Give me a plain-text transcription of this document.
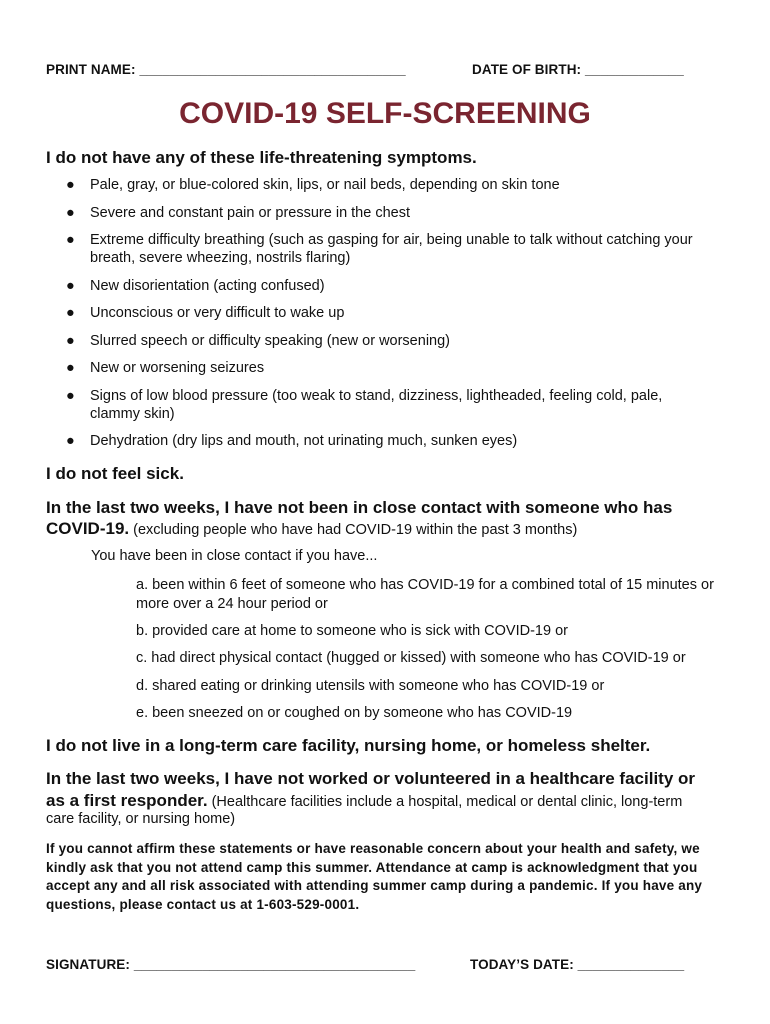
PRINT NAME: ___________________________________	DATE OF BIRTH: _____________
COVID-19 SELF-SCREENING
I do not have any of these life-threatening symptoms.
● Pale, gray, or blue-colored skin, lips, or nail beds, depending on skin tone
● Severe and constant pain or pressure in the chest
● Extreme difficulty breathing (such as gasping for air, being unable to talk without catching your breath, severe wheezing, nostrils flaring)
● New disorientation (acting confused)
● Unconscious or very difficult to wake up
● Slurred speech or difficulty speaking (new or worsening)
● New or worsening seizures
● Signs of low blood pressure (too weak to stand, dizziness, lightheaded, feeling cold, pale, clammy skin)
● Dehydration (dry lips and mouth, not urinating much, sunken eyes)
I do not feel sick.
In the last two weeks, I have not been in close contact with someone who has
COVID-19. (excluding people who have had COVID-19 within the past 3 months)
You have been in close contact if you have...
a. been within 6 feet of someone who has COVID-19 for a combined total of 15 minutes or more over a 24 hour period or
b. provided care at home to someone who is sick with COVID-19 or
c. had direct physical contact (hugged or kissed) with someone who has COVID-19 or
d. shared eating or drinking utensils with someone who has COVID-19 or
e. been sneezed on or coughed on by someone who has COVID-19
I do not live in a long-term care facility, nursing home, or homeless shelter.
In the last two weeks, I have not worked or volunteered in a healthcare facility or
as a first responder. (Healthcare facilities include a hospital, medical or dental clinic, long-term
care facility, or nursing home)
If you cannot affirm these statements or have reasonable concern about your health and safety, we kindly ask that you not attend camp this summer. Attendance at camp is acknowledgment that you accept any and all risk associated with attending summer camp during a pandemic. If you have any questions, please contact us at 1-603-529-0001.
SIGNATURE: _____________________________________	TODAY’S DATE: ______________
